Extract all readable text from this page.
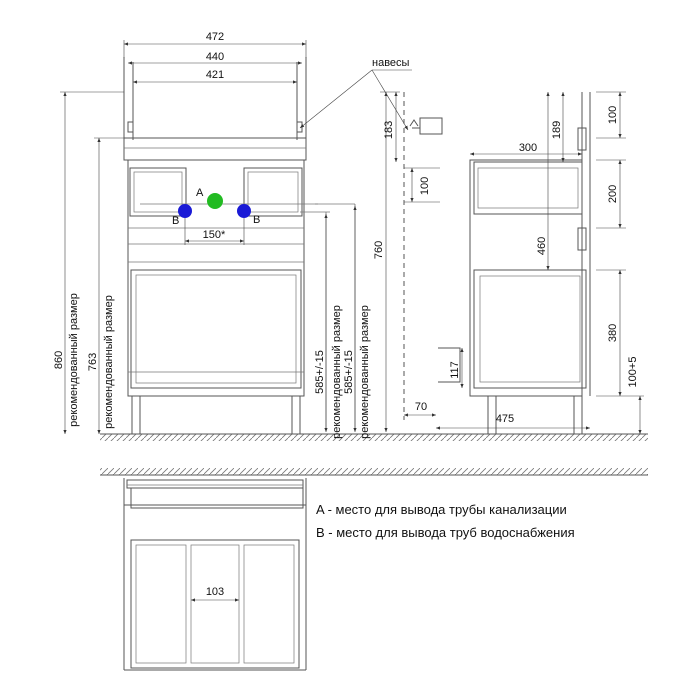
472
440
421
навесы
A
B	B
150*
860 рекомендованный размер 763 рекомендованный размер	585+/-15 рекомендованный размер 585+/-15 рекомендованный размер
760
183
100
117
70
300
189
460
475
100
200
380
100+5
103
A - место для вывода трубы канализации
B - место для вывода труб водоснабжения
